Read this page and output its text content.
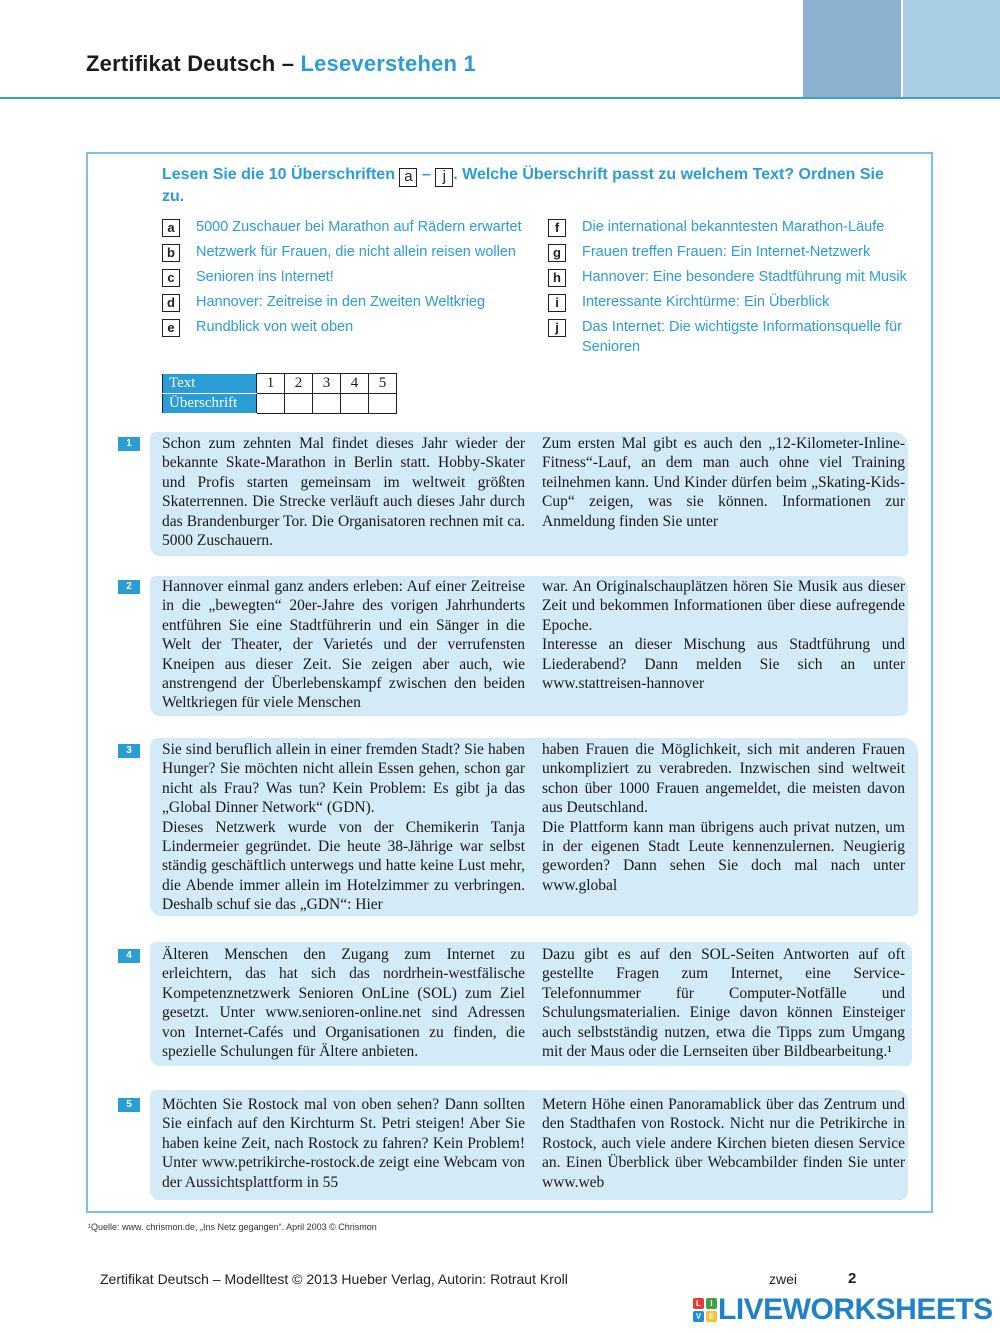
Zertifikat Deutsch – Leseverstehen 1
Lesen Sie die 10 Überschriften a – j . Welche Überschrift passt zu welchem Text? Ordnen Sie zu.
a	5000 Zuschauer bei Marathon auf Rädern erwartet
b	Netzwerk für Frauen, die nicht allein reisen wollen
c	Senioren ins Internet!
d	Hannover: Zeitreise in den Zweiten Weltkrieg
e	Rundblick von weit oben
f	Die international bekanntesten Marathon-Läufe
g	Frauen treffen Frauen: Ein Internet-Netzwerk
h	Hannover: Eine besondere Stadtführung mit Musik
i	Interessante Kirchtürme: Ein Überblick
j	Das Internet: Die wichtigste Informationsquelle für Senioren
Text	1	2	3	4	5
Überschrift					
1	Schon zum zehnten Mal findet dieses Jahr wieder der bekannte Skate-Marathon in Berlin statt. Hobby-Skater und Profis starten gemeinsam im weltweit größten Skaterrennen. Die Strecke verläuft auch dieses Jahr durch das Brandenburger Tor. Die Organisatoren rechnen mit ca. 5000 Zuschauern.

Zum ersten Mal gibt es auch den „12-Kilometer-Inline-Fitness“-Lauf, an dem man auch ohne viel Training teilnehmen kann. Und Kinder dürfen beim „Skating-Kids-Cup“ zeigen, was sie können. Informationen zur Anmeldung finden Sie unter

2	Hannover einmal ganz anders erleben: Auf einer Zeitreise in die „bewegten“ 20er-Jahre des vorigen Jahrhunderts entführen Sie eine Stadtführerin und ein Sänger in die Welt der Theater, der Varietés und der verrufensten Kneipen aus dieser Zeit. Sie zeigen aber auch, wie anstrengend der Überlebenskampf zwischen den beiden Weltkriegen für viele Menschen

war. An Originalschauplätzen hören Sie Musik aus dieser Zeit und bekommen Informationen über diese aufregende Epoche.

Interesse an dieser Mischung aus Stadtführung und Liederabend? Dann melden Sie sich an unter www.stattreisen-hannover

3	Sie sind beruflich allein in einer fremden Stadt? Sie haben Hunger? Sie möchten nicht allein Essen gehen, schon gar nicht als Frau? Was tun? Kein Problem: Es gibt ja das „Global Dinner Network“ (GDN).

Dieses Netzwerk wurde von der Chemikerin Tanja Lindermeier gegründet. Die heute 38-Jährige war selbst ständig geschäftlich unterwegs und hatte keine Lust mehr, die Abende immer allein im Hotelzimmer zu verbringen. Deshalb schuf sie das „GDN“: Hier

haben Frauen die Möglichkeit, sich mit anderen Frauen unkompliziert zu verabreden. Inzwischen sind weltweit schon über 1000 Frauen angemeldet, die meisten davon aus Deutschland.

Die Plattform kann man übrigens auch privat nutzen, um in der eigenen Stadt Leute kennenzulernen. Neugierig geworden? Dann sehen Sie doch mal nach unter www.global

4	Älteren Menschen den Zugang zum Internet zu erleichtern, das hat sich das nordrhein-westfälische Kompetenznetzwerk Senioren OnLine (SOL) zum Ziel gesetzt. Unter www.senioren-online.net sind Adressen von Internet-Cafés und Organisationen zu finden, die spezielle Schulungen für Ältere anbieten.

Dazu gibt es auf den SOL-Seiten Antworten auf oft gestellte Fragen zum Internet, eine Service-Telefonnummer für Computer-Notfälle und Schulungsmaterialien. Einige davon können Einsteiger auch selbstständig nutzen, etwa die Tipps zum Umgang mit der Maus oder die Lernseiten über Bildbearbeitung.¹

5	Möchten Sie Rostock mal von oben sehen? Dann sollten Sie einfach auf den Kirchturm St. Petri steigen! Aber Sie haben keine Zeit, nach Rostock zu fahren? Kein Problem! Unter www.petrikirche-rostock.de zeigt eine Webcam von der Aussichtsplattform in 55

Metern Höhe einen Panoramablick über das Zentrum und den Stadthafen von Rostock. Nicht nur die Petrikirche in Rostock, auch viele andere Kirchen bieten diesen Service an. Einen Überblick über Webcambilder finden Sie unter www.web

¹Quelle: www. chrismon.de, „Ins Netz gegangen“. April 2003 © Chrismon
Zertifikat Deutsch – Modelltest © 2013 Hueber Verlag, Autorin: Rotraut Kroll	zwei	2
L	I
V E LIVEWORKSHEETS
